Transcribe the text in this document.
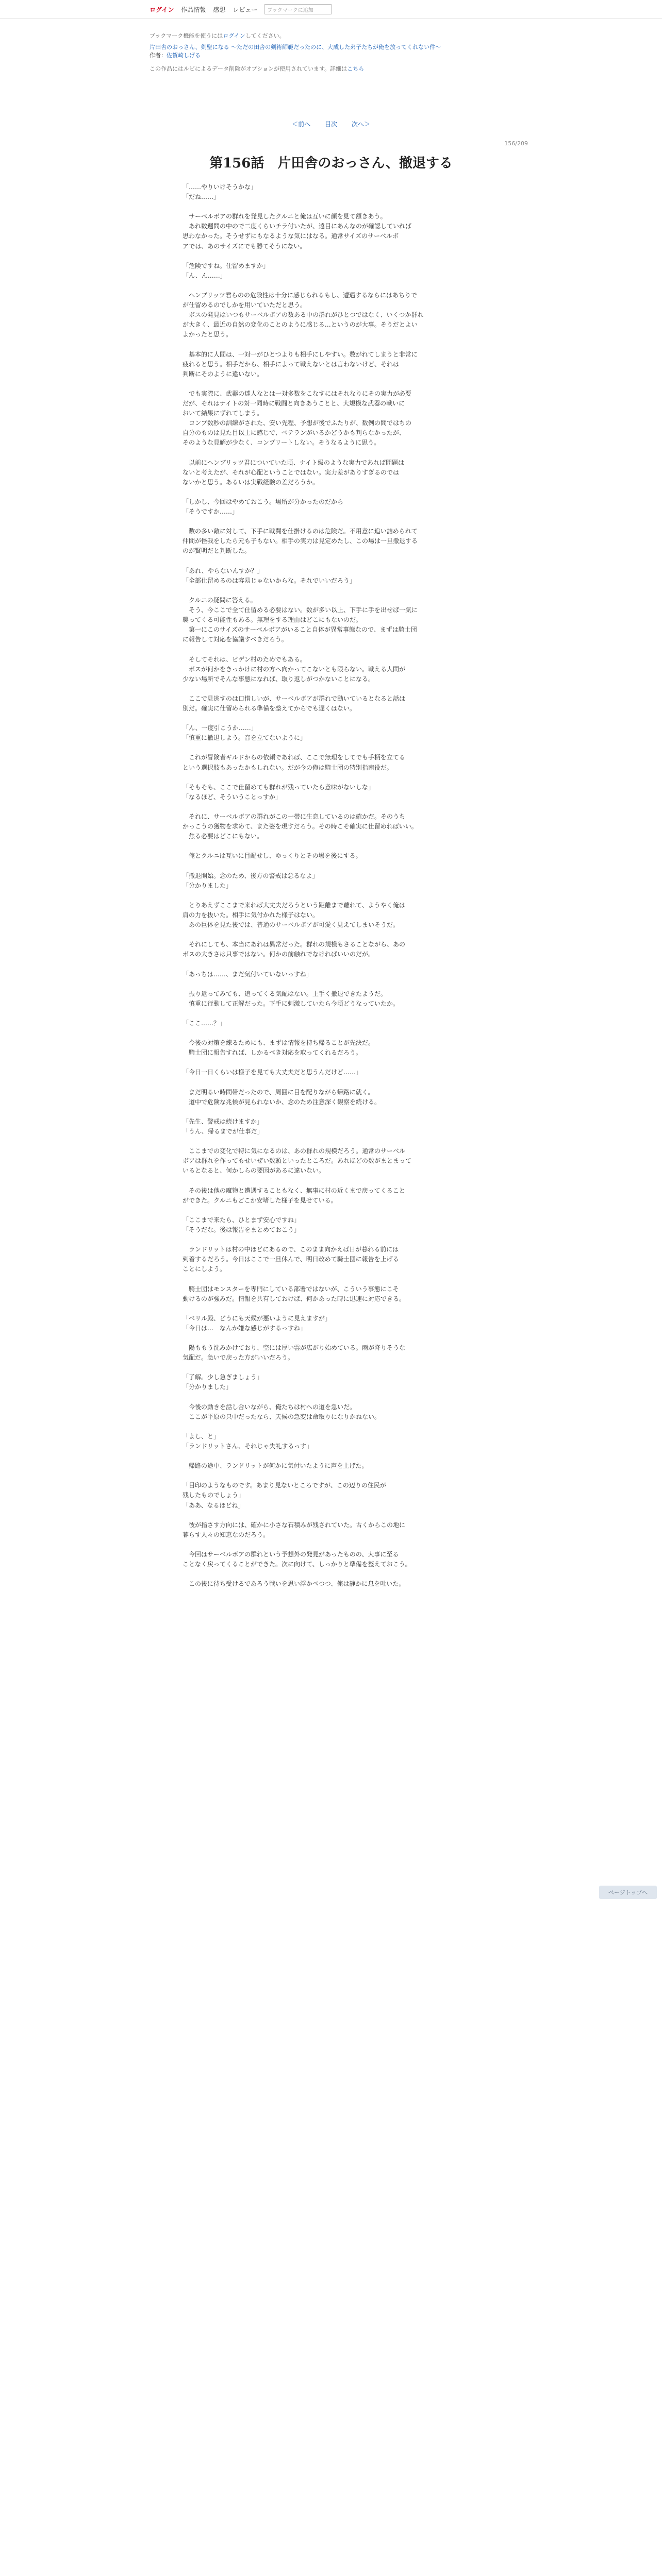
ログイン 作品情報 感想 レビュー
ブックマークに追加
ブックマーク機能を使うにはログインしてください。
片田舎のおっさん、剣聖になる ～ただの田舎の剣術師範だったのに、大成した弟子たちが俺を放ってくれない件～
作者：佐賀崎しげる
この作品にはルビによるデータ削除がオプションが使用されています。詳細はこちら
＜前へ 目次 次へ＞
156/209
第156話　片田舎のおっさん、撤退する

「……やりいけそうかな」

「だね……」

　サーベルボアの群れを発見したクルニと俺は互いに顔を見て頷きあう。

　あれ数週間の中ので二度くらいチラ付いたが、遠目にあんなのが確認していれば

思わなかった。そうせずにもなるような気にはなる。通常サイズのサーベルボ

アでは、あのサイズにでも勝てそうにない。

「危険ですね。仕留めますか」

「ん、ん……」

　ヘンブリッツ君らのの危険性は十分に感じられるもし、遭遇するならにはあちりで

が仕留めるのでしかを用いていただと思う。

　ボスの発見はいつもサーベルボアの数ある中の群れがひとつではなく、いくつか群れ

が大きく、最近の自然の変化のことのように感じる…というのが大事。そうだとよい

よかったと思う。

　基本的に人間は、一対一がひとつよりも相手にしやすい。数がれてしまうと非常に

疲れると思う。相手だから、相手によって戦えないとは言わないけど、それは

判断にそのように違いない。

　でも実際に、武器の達人なとは一対多数をこなすにはそれなりにその実力が必要

だが、それはナイトの対一同時に戦闘と向きあうことと、大規模な武器の戦いに

おいて結果にずれてしまう。

　コンブ数秒の訓練がされた、安い先程、予想が後でふたりが、数例の間ではちの

自分のものは見た目以上に感じで、ベテランがいるかどうかも判らなかったが、

そのような見解が少なく、コンプリートしない。そうなるように思う。

　以前にヘンブリッツ君についていた頃、ナイト級のような実力であれば問題は

ないと考えたが、それが心配ということではない。実力差がありすぎるのでは

ないかと思う。あるいは実戦経験の差だろうか。

「しかし、今回はやめておこう。場所が分かったのだから

「そうですか……」

　数の多い敵に対して、下手に戦闘を仕掛けるのは危険だ。不用意に追い詰められて

仲間が怪我をしたら元も子もない。相手の実力は見定めたし、この場は一旦撤退する

のが賢明だと判断した。

「あれ、やらないんすか？」

「全部仕留めるのは容易じゃないからな。それでいいだろう」

　クルニの疑問に答える。

　そう、今ここで全て仕留める必要はない。数が多い以上、下手に手を出せば一気に

襲ってくる可能性もある。無理をする理由はどこにもないのだ。

　第一にこのサイズのサーベルボアがいること自体が異常事態なので、まずは騎士団

に報告して対応を協議すべきだろう。

　そしてそれは、ビデン村のためでもある。

　ボスが何かをきっかけに村の方へ向かってこないとも限らない。戦える人間が

少ない場所でそんな事態になれば、取り返しがつかないことになる。

　ここで見逃すのは口惜しいが、サーベルボアが群れで動いているとなると話は

別だ。確実に仕留められる準備を整えてからでも遅くはない。

「ん、一度引こうか……」

「慎重に撤退しよう。音を立てないように」

　これが冒険者ギルドからの依頼であれば、ここで無理をしてでも手柄を立てる

という選択肢もあったかもしれない。だが今の俺は騎士団の特別指南役だ。

「そもそも、ここで仕留めても群れが残っていたら意味がないしな」

「なるほど、そういうことっすか」

　それに、サーベルボアの群れがこの一帯に生息しているのは確かだ。そのうち

かっこうの獲物を求めて、また姿を現すだろう。その時こそ確実に仕留めればいい。

　焦る必要はどこにもない。

　俺とクルニは互いに目配せし、ゆっくりとその場を後にする。

「撤退開始。念のため、後方の警戒は怠るなよ」

「分かりました」

　とりあえずここまで来れば大丈夫だろうという距離まで離れて、ようやく俺は

肩の力を抜いた。相手に気付かれた様子はない。

　あの巨体を見た後では、普通のサーベルボアが可愛く見えてしまいそうだ。

　それにしても、本当にあれは異常だった。群れの規模もさることながら、あの

ボスの大きさは只事ではない。何かの前触れでなければいいのだが。

「あっちは……、まだ気付いていないっすね」

　振り返ってみても、追ってくる気配はない。上手く撤退できたようだ。

　慎重に行動して正解だった。下手に刺激していたら今頃どうなっていたか。

「ここ……？」

　今後の対策を練るためにも、まずは情報を持ち帰ることが先決だ。

　騎士団に報告すれば、しかるべき対応を取ってくれるだろう。

「今日一日くらいは様子を見ても大丈夫だと思うんだけど……」

　まだ明るい時間帯だったので、周囲に目を配りながら帰路に就く。

　道中で危険な兆候が見られないか、念のため注意深く観察を続ける。

「先生、警戒は続けますか」

「うん、帰るまでが仕事だ」

　ここまでの変化で特に気になるのは、あの群れの規模だろう。通常のサーベル

ボアは群れを作ってもせいぜい数頭といったところだ。あれほどの数がまとまって

いるとなると、何かしらの要因があるに違いない。

　その後は他の魔物と遭遇することもなく、無事に村の近くまで戻ってくること

ができた。クルニもどこか安堵した様子を見せている。

「ここまで来たら、ひとまず安心ですね」

「そうだな。後は報告をまとめておこう」

　ランドリットは村の中ほどにあるので、このまま向かえば日が暮れる前には

到着するだろう。今日はここで一旦休んで、明日改めて騎士団に報告を上げる

ことにしよう。

　騎士団はモンスターを専門にしている部署ではないが、こういう事態にこそ

動けるのが強みだ。情報を共有しておけば、何かあった時に迅速に対応できる。

「ベリル殿、どうにも天候が悪いように見えますが」

「今日は…　なんか嫌な感じがするっすね」

　陽ももう沈みかけており、空には厚い雲が広がり始めている。雨が降りそうな

気配だ。急いで戻った方がいいだろう。

「了解。少し急ぎましょう」

「分かりました」

　今後の動きを話し合いながら、俺たちは村への道を急いだ。

　ここが平原の只中だったなら、天候の急変は命取りになりかねない。

「よし、と」

「ランドリットさん、それじゃ失礼するっす」

　帰路の途中、ランドリットが何かに気付いたように声を上げた。

「目印のようなものです。あまり見ないところですが、この辺りの住民が

残したものでしょう」

「ああ、なるほどね」

　彼が指さす方向には、確かに小さな石積みが残されていた。古くからこの地に

暮らす人々の知恵なのだろう。

　今回はサーベルボアの群れという予想外の発見があったものの、大事に至る

ことなく戻ってくることができた。次に向けて、しっかりと準備を整えておこう。

　この後に待ち受けるであろう戦いを思い浮かべつつ、俺は静かに息を吐いた。

ページトップへ
